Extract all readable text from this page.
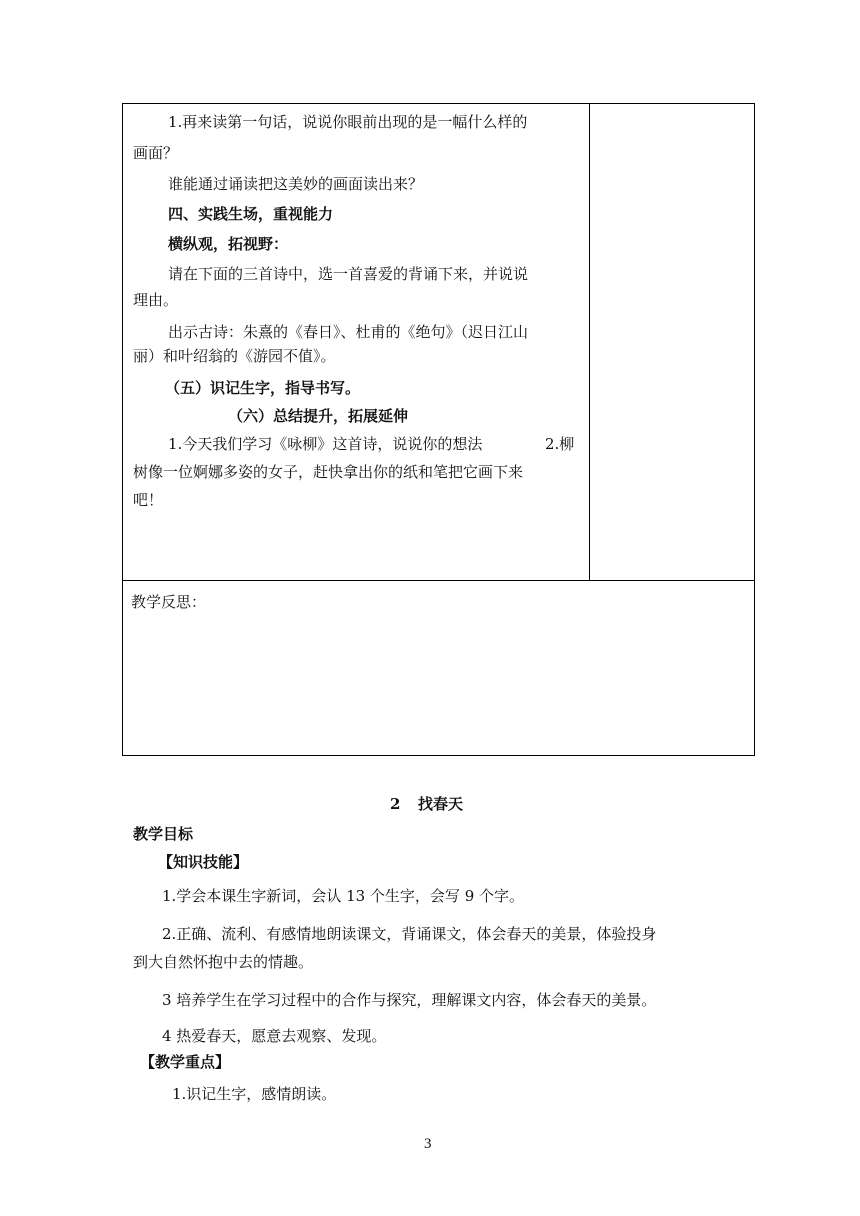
1.再来读第一句话，说说你眼前出现的是一幅什么样的
画面？
谁能通过诵读把这美妙的画面读出来？
四、实践生场，重视能力
横纵观，拓视野：
请在下面的三首诗中，选一首喜爱的背诵下来，并说说
理由。
出示古诗：朱熹的《春日》、杜甫的《绝句》（迟日江山
丽）和叶绍翁的《游园不值》。
（五）识记生字，指导书写。
（六）总结提升，拓展延伸
1.今天我们学习《咏柳》这首诗，说说你的想法	2.柳
树像一位婀娜多姿的女子，赶快拿出你的纸和笔把它画下来
吧！
教学反思：
2 找春天
教学目标
【知识技能】
1.学会本课生字新词，会认 13 个生字，会写 9 个字。
2.正确、流利、有感情地朗读课文，背诵课文，体会春天的美景，体验投身
到大自然怀抱中去的情趣。
3 培养学生在学习过程中的合作与探究，理解课文内容，体会春天的美景。
4 热爱春天，愿意去观察、发现。
【教学重点】
1.识记生字，感情朗读。
3
